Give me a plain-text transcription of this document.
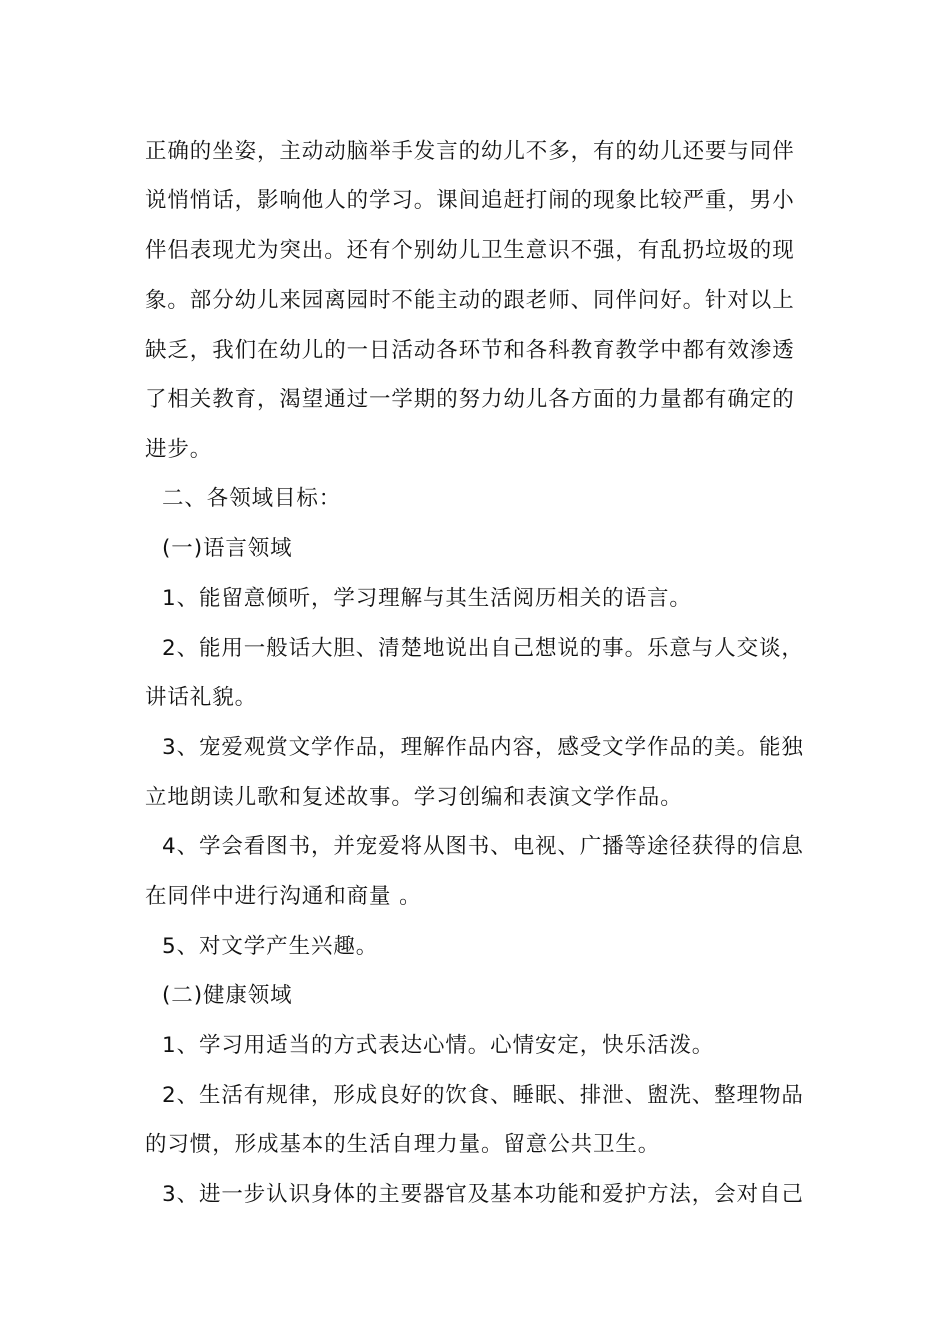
正确的坐姿，主动动脑举手发言的幼儿不多，有的幼儿还要与同伴
说悄悄话，影响他人的学习。课间追赶打闹的现象比较严重，男小
伴侣表现尤为突出。还有个别幼儿卫生意识不强，有乱扔垃圾的现
象。部分幼儿来园离园时不能主动的跟老师、同伴问好。针对以上
缺乏，我们在幼儿的一日活动各环节和各科教育教学中都有效渗透
了相关教育，渴望通过一学期的努力幼儿各方面的力量都有确定的
进步。
二、各领域目标：
(一)语言领域
1、能留意倾听，学习理解与其生活阅历相关的语言。
2、能用一般话大胆、清楚地说出自己想说的事。乐意与人交谈，
讲话礼貌。
3、宠爱观赏文学作品，理解作品内容，感受文学作品的美。能独
立地朗读儿歌和复述故事。学习创编和表演文学作品。
4、学会看图书，并宠爱将从图书、电视、广播等途径获得的信息
在同伴中进行沟通和商量 。
5、对文学产生兴趣。
(二)健康领域
1、学习用适当的方式表达心情。心情安定，快乐活泼。
2、生活有规律，形成良好的饮食、睡眠、排泄、盥洗、整理物品
的习惯，形成基本的生活自理力量。留意公共卫生。
3、进一步认识身体的主要器官及基本功能和爱护方法，会对自己
